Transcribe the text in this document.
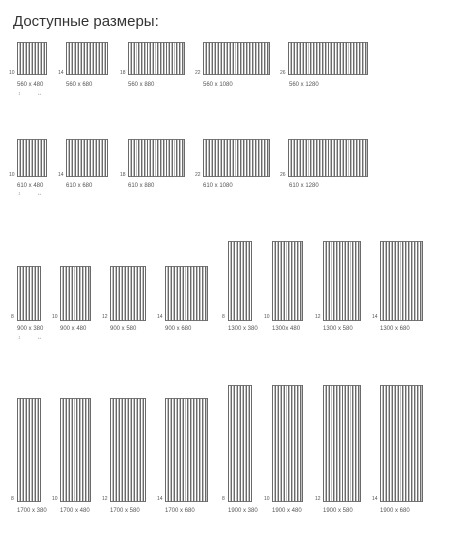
Доступные размеры:
10
560 x 480
14
560 x 680
18
560 x 880
22
560 x 1080
26
560 x 1280
↕	↔
10
610 x 480
14
610 x 680
18
610 x 880
22
610 x 1080
26
610 x 1280
↕	↔
8
900 x 380
10
900 x 480
12
900 x 580
14
900 x 680
8
1300 x 380
10
1300x 480
12
1300 x 580
14
1300 x 680
↕	↔
8
1700 x 380
10
1700 x 480
12
1700 x 580
14
1700 x 680
8
1900 x 380
10
1900 x 480
12
1900 x 580
14
1900 x 680
